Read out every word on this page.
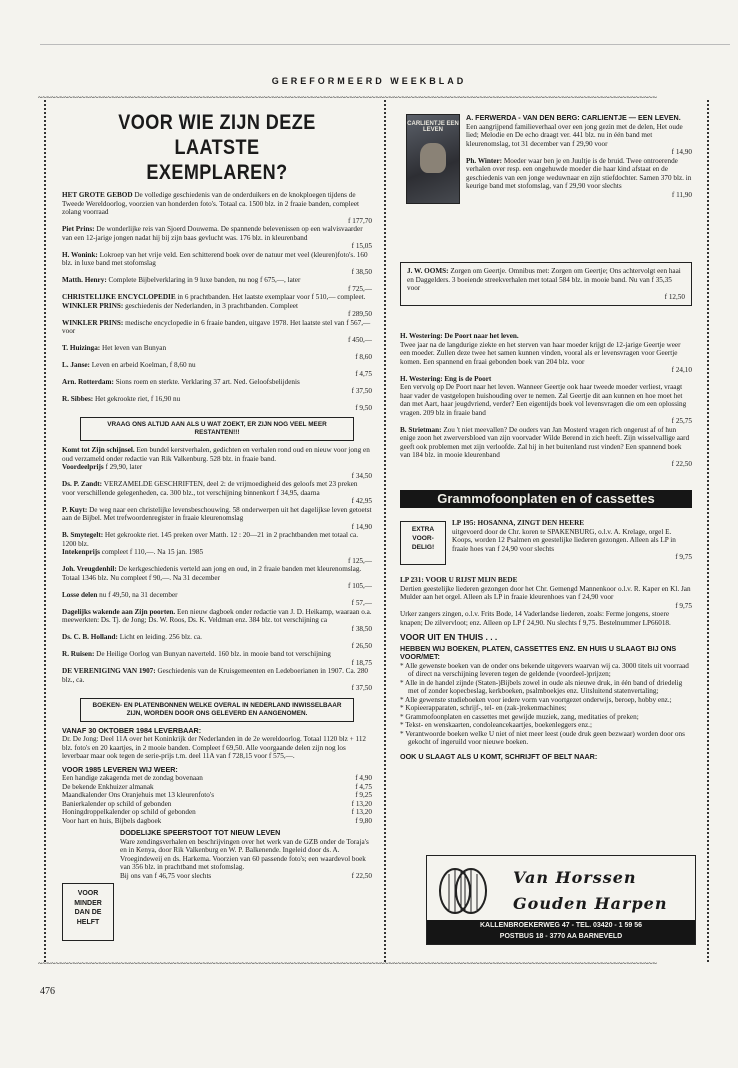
GEREFORMEERD WEEKBLAD
~~~~~~~~~~~~~~~~~~~~~~~~~~~~~~~~~~~~~~~~~~~~~~~~~~~~~~~~~~~~~~~~~~~~~~~~~~~~~~~~~~~~~~~~~~~~~~~~~~~~~~~~~~~~~~~~~~~~~~~~~~~~~~~~~~~~~~~~~~~~~~~
~~~~~~~~~~~~~~~~~~~~~~~~~~~~~~~~~~~~~~~~~~~~~~~~~~~~~~~~~~~~~~~~~~~~~~~~~~~~~~~~~~~~~~~~~~~~~~~~~~~~~~~~~~~~~~~~~~~~~~~~~~~~~~~~~~~~~~~~~~~~~~~
VOOR WIE ZIJN DEZE LAATSTE
EXEMPLAREN?

HET GROTE GEBOD De volledige geschiedenis van de onderduikers en de knokploegen tijdens de Tweede Wereldoorlog, voorzien van honderden foto's. Totaal ca. 1500 blz. in 2 fraaie banden, compleet zolang voorraad

f 177,70

Piet Prins: De wonderlijke reis van Sjoerd Douwema. De spannende belevenissen op een walvisvaarder van een 12-jarige jongen nadat hij bij zijn baas gevlucht was. 176 blz. in kleurenband

f 15,05

H. Wonink: Lokroep van het vrije veld. Een schitterend boek over de natuur met veel (kleuren)foto's. 160 blz. in luxe band met stofomslag

f 38,50

Matth. Henry: Complete Bijbelverklaring in 9 luxe banden, nu nog f 675,—, later

f 725,—

CHRISTELIJKE ENCYCLOPEDIE in 6 prachtbanden. Het laatste exemplaar voor f 510,— compleet.

WINKLER PRINS: geschiedenis der Nederlanden, in 3 prachtbanden. Compleet

f 289,50

WINKLER PRINS: medische encyclopedie in 6 fraaie banden, uitgave 1978. Het laatste stel van f 567,— voor

f 450,—

T. Huizinga: Het leven van Bunyan

f 8,60

L. Janse: Leven en arbeid Koelman, f 8,60 nu

f 4,75

Arn. Rotterdam: Sions roem en sterkte. Verklaring 37 art. Ned. Geloofsbelijdenis

f 37,50

R. Sibbes: Het gekrookte riet, f 16,90 nu

f 9,50
VRAAG ONS ALTIJD AAN ALS U WAT ZOEKT, ER ZIJN NOG VEEL MEER RESTANTEN!!!

Komt tot Zijn schijnsel. Een bundel kerstverhalen, gedichten en verhalen rond oud en nieuw voor jong en oud verzameld onder redactie van Rik Valkenburg. 528 blz. in fraaie band.

Voordeelprijs f 29,90, later

f 34,50

Ds. P. Zandt: VERZAMELDE GESCHRIFTEN, deel 2: de vrijmoedigheid des geloofs met 23 preken voor verschillende gelegenheden, ca. 300 blz., tot verschijning binnenkort f 34,95, daarna

f 42,95

P. Kuyt: De weg naar een christelijke levensbeschouwing. 58 onderwerpen uit het dagelijkse leven getoetst aan de Bijbel. Met trefwoordenregister in fraaie kleurenomslag

f 14,90

B. Smytegelt: Het gekrookte riet. 145 preken over Matth. 12 : 20—21 in 2 prachtbanden met totaal ca. 1200 blz.

Intekenprijs compleet f 110,—. Na 15 jan. 1985

f 125,—

Joh. Vreugdenhil: De kerkgeschiedenis verteld aan jong en oud, in 2 fraaie banden met kleurenomslag. Totaal 1346 blz. Nu compleet f 90,—. Na 31 december

f 105,—

Losse delen nu f 49,50, na 31 december

f 57,—

Dagelijks wakende aan Zijn poorten. Een nieuw dagboek onder redactie van J. D. Heikamp, waaraan o.a. meewerkten: Ds. Tj. de Jong; Ds. W. Roos, Ds. K. Veldman enz. 384 blz. tot verschijning ca

f 38,50

Ds. C. B. Holland: Licht en leiding. 256 blz. ca.

f 26,50

R. Ruisen: De Heilige Oorlog van Bunyan naverteld. 160 blz. in mooie band tot verschijning

f 18,75

DE VERENIGING VAN 1907: Geschiedenis van de Kruisgemeenten en Ledeboerianen in 1907. Ca. 280 blz., ca.

f 37,50
BOEKEN- EN PLATENBONNEN WELKE OVERAL IN NEDERLAND INWISSELBAAR ZIJN, WORDEN DOOR ONS GELEVERD EN AANGENOMEN.

VANAF 30 OKTOBER 1984 LEVERBAAR:

Dr. De Jong: Deel 11A over het Koninkrijk der Nederlanden in de 2e wereldoorlog. Totaal 1120 blz + 112 blz. foto's en 20 kaartjes, in 2 mooie banden. Compleet f 69,50. Alle voorgaande delen zijn nog los leverbaar maar ook tegen de serie-prijs t.m. deel 11A van f 728,15 voor f 575,—.

VOOR 1985 LEVEREN WIJ WEER:

Een handige zakagenda met de zondag bovenaan	f 4,90
De bekende Enkhuizer almanak	f 4,75
Maandkalender Ons Oranjehuis met 13 kleurenfoto's	f 9,25
Banierkalender op schild of gebonden	f 13,20
Honingdroppelkalender op schild of gebonden	f 13,20
Voor hart en huis, Bijbels dagboek	f 9,80

DODELIJKE SPEERSTOOT TOT NIEUW LEVEN

Ware zendingsverhalen en beschrijvingen over het werk van de GZB onder de Toraja's en in Kenya, door Rik Valkenburg en W. P. Balkenende. Ingeleid door ds. A. Vroegindeweij en ds. Harkema. Voorzien van 60 passende foto's; een waardevol boek van 356 blz. in prachtband met stofomslag.

Bij ons van f 46,75 voor slechts	f 22,50
VOOR
MINDER
DAN DE
HELFT
CARLIENTJE EEN LEVEN

A. FERWERDA - VAN DEN BERG: CARLIENTJE — EEN LEVEN.

Een aangrijpend familieverhaal over een jong gezin met de delen, Het oude lied; Melodie en De echo draagt ver. 441 blz. nu in één band met kleurenomslag, tot 31 december van f 29,90 voor

f 14,90

Ph. Winter: Moeder waar ben je en Juultje is de bruid. Twee ontroerende verhalen over resp. een ongehuwde moeder die haar kind afstaat en de geschiedenis van een jonge weduwnaar en zijn stiefdochter. Samen 370 blz. in keurige band met stofomslag, van f 29,90 voor slechts

f 11,90

J. W. OOMS: Zorgen om Geertje. Omnibus met: Zorgen om Geertje; Ons achtervolgt een haai en Daggelders. 3 boeiende streekverhalen met totaal 584 blz. in mooie band. Nu van f 35,35 voor

f 12,50

H. Westering: De Poort naar het leven.

Twee jaar na de langdurige ziekte en het sterven van haar moeder krijgt de 12-jarige Geertje weer een moeder. Zullen deze twee het samen kunnen vinden, vooral als er levensvragen voor Geertje komen. Een spannend en fraai gebonden boek van 204 blz. voor

f 24,10

H. Westering: Eng is de Poort

Een vervolg op De Poort naar het leven. Wanneer Geertje ook haar tweede moeder verliest, vraagt haar vader de vastgelopen huishouding over te nemen. Zal Geertje dit aan kunnen en hoe moet het dan met Aart, haar jeugdvriend, verder? Een eigentijds boek vol levensvragen die om een oplossing vragen. 209 blz in fraaie band

f 25,75

B. Strietman: Zou 't niet meevallen? De ouders van Jan Mosterd vragen rich ongerust af of hun enige zoon het zwerversbloed van zijn voorvader Wilde Berend in zich heeft. Zijn wisselvallige aard geeft ook problemen met zijn verloofde. Zal hij in het buitenland rust vinden? Een spannend boek van 184 blz. in mooie kleurenband

f 22,50
Grammofoonplaten en of cassettes
EXTRA
VOOR-
DELIG!

LP 195: HOSANNA, ZINGT DEN HEERE

uitgevoerd door de Chr. koren te SPAKENBURG, o.l.v. A. Krelage, orgel E. Koops, worden 12 Psalmen en geestelijke liederen gezongen. Alleen als LP in fraaie hoes van f 24,90 voor slechts

f 9,75

LP 231: VOOR U RIJST MIJN BEDE

Dertien geestelijke liederen gezongen door het Chr. Gemengd Mannenkoor o.l.v. R. Kaper en Kl. Jan Mulder aan het orgel. Alleen als LP in fraaie kleurenhoes van f 24,90 voor

f 9,75

Urker zangers zingen, o.l.v. Frits Bode, 14 Vaderlandse liederen, zoals: Ferme jongens, stoere knapen; De zilvervloot; enz. Alleen op LP f 24,90. Nu slechts f 9,75. Bestelnummer LP66018.

VOOR UIT EN THUIS . . .

HEBBEN WIJ BOEKEN, PLATEN, CASSETTES ENZ. EN HUIS U SLAAGT BIJ ONS VOOR/MET:

* Alle gewenste boeken van de onder ons bekende uitgevers waarvan wij ca. 3000 titels uit voorraad of direct na verschijning leveren tegen de geldende (voordeel-)prijzen;

* Alle in de handel zijnde (Staten-)Bijbels zowel in oude als nieuwe druk, in één band of driedelig met of zonder kopecbeslag, kerkboeken, psalmboekjes enz. Uitsluitend statenvertaling;

* Alle gewenste studieboeken voor iedere vorm van voortgezet onderwijs, beroep, hobby enz.;

* Kopieerapparaten, schrijf-, tel- en (zak-)rekenmachines;

* Grammofoonplaten en cassettes met gewijde muziek, zang, meditaties of preken;

* Tekst- en wenskaarten, condoleancekaartjes, boekenleggers enz.;

* Verantwoorde boeken welke U niet of niet meer leest (oude druk geen bezwaar) worden door ons gekocht of ingeruild voor nieuwe boeken.

OOK U SLAAGT ALS U KOMT, SCHRIJFT OF BELT NAAR:

Van Horssen
Gouden Harpen
KALLENBROEKERWEG 47 - TEL. 03420 - 1 59 56
POSTBUS 18 - 3770 AA BARNEVELD
476
